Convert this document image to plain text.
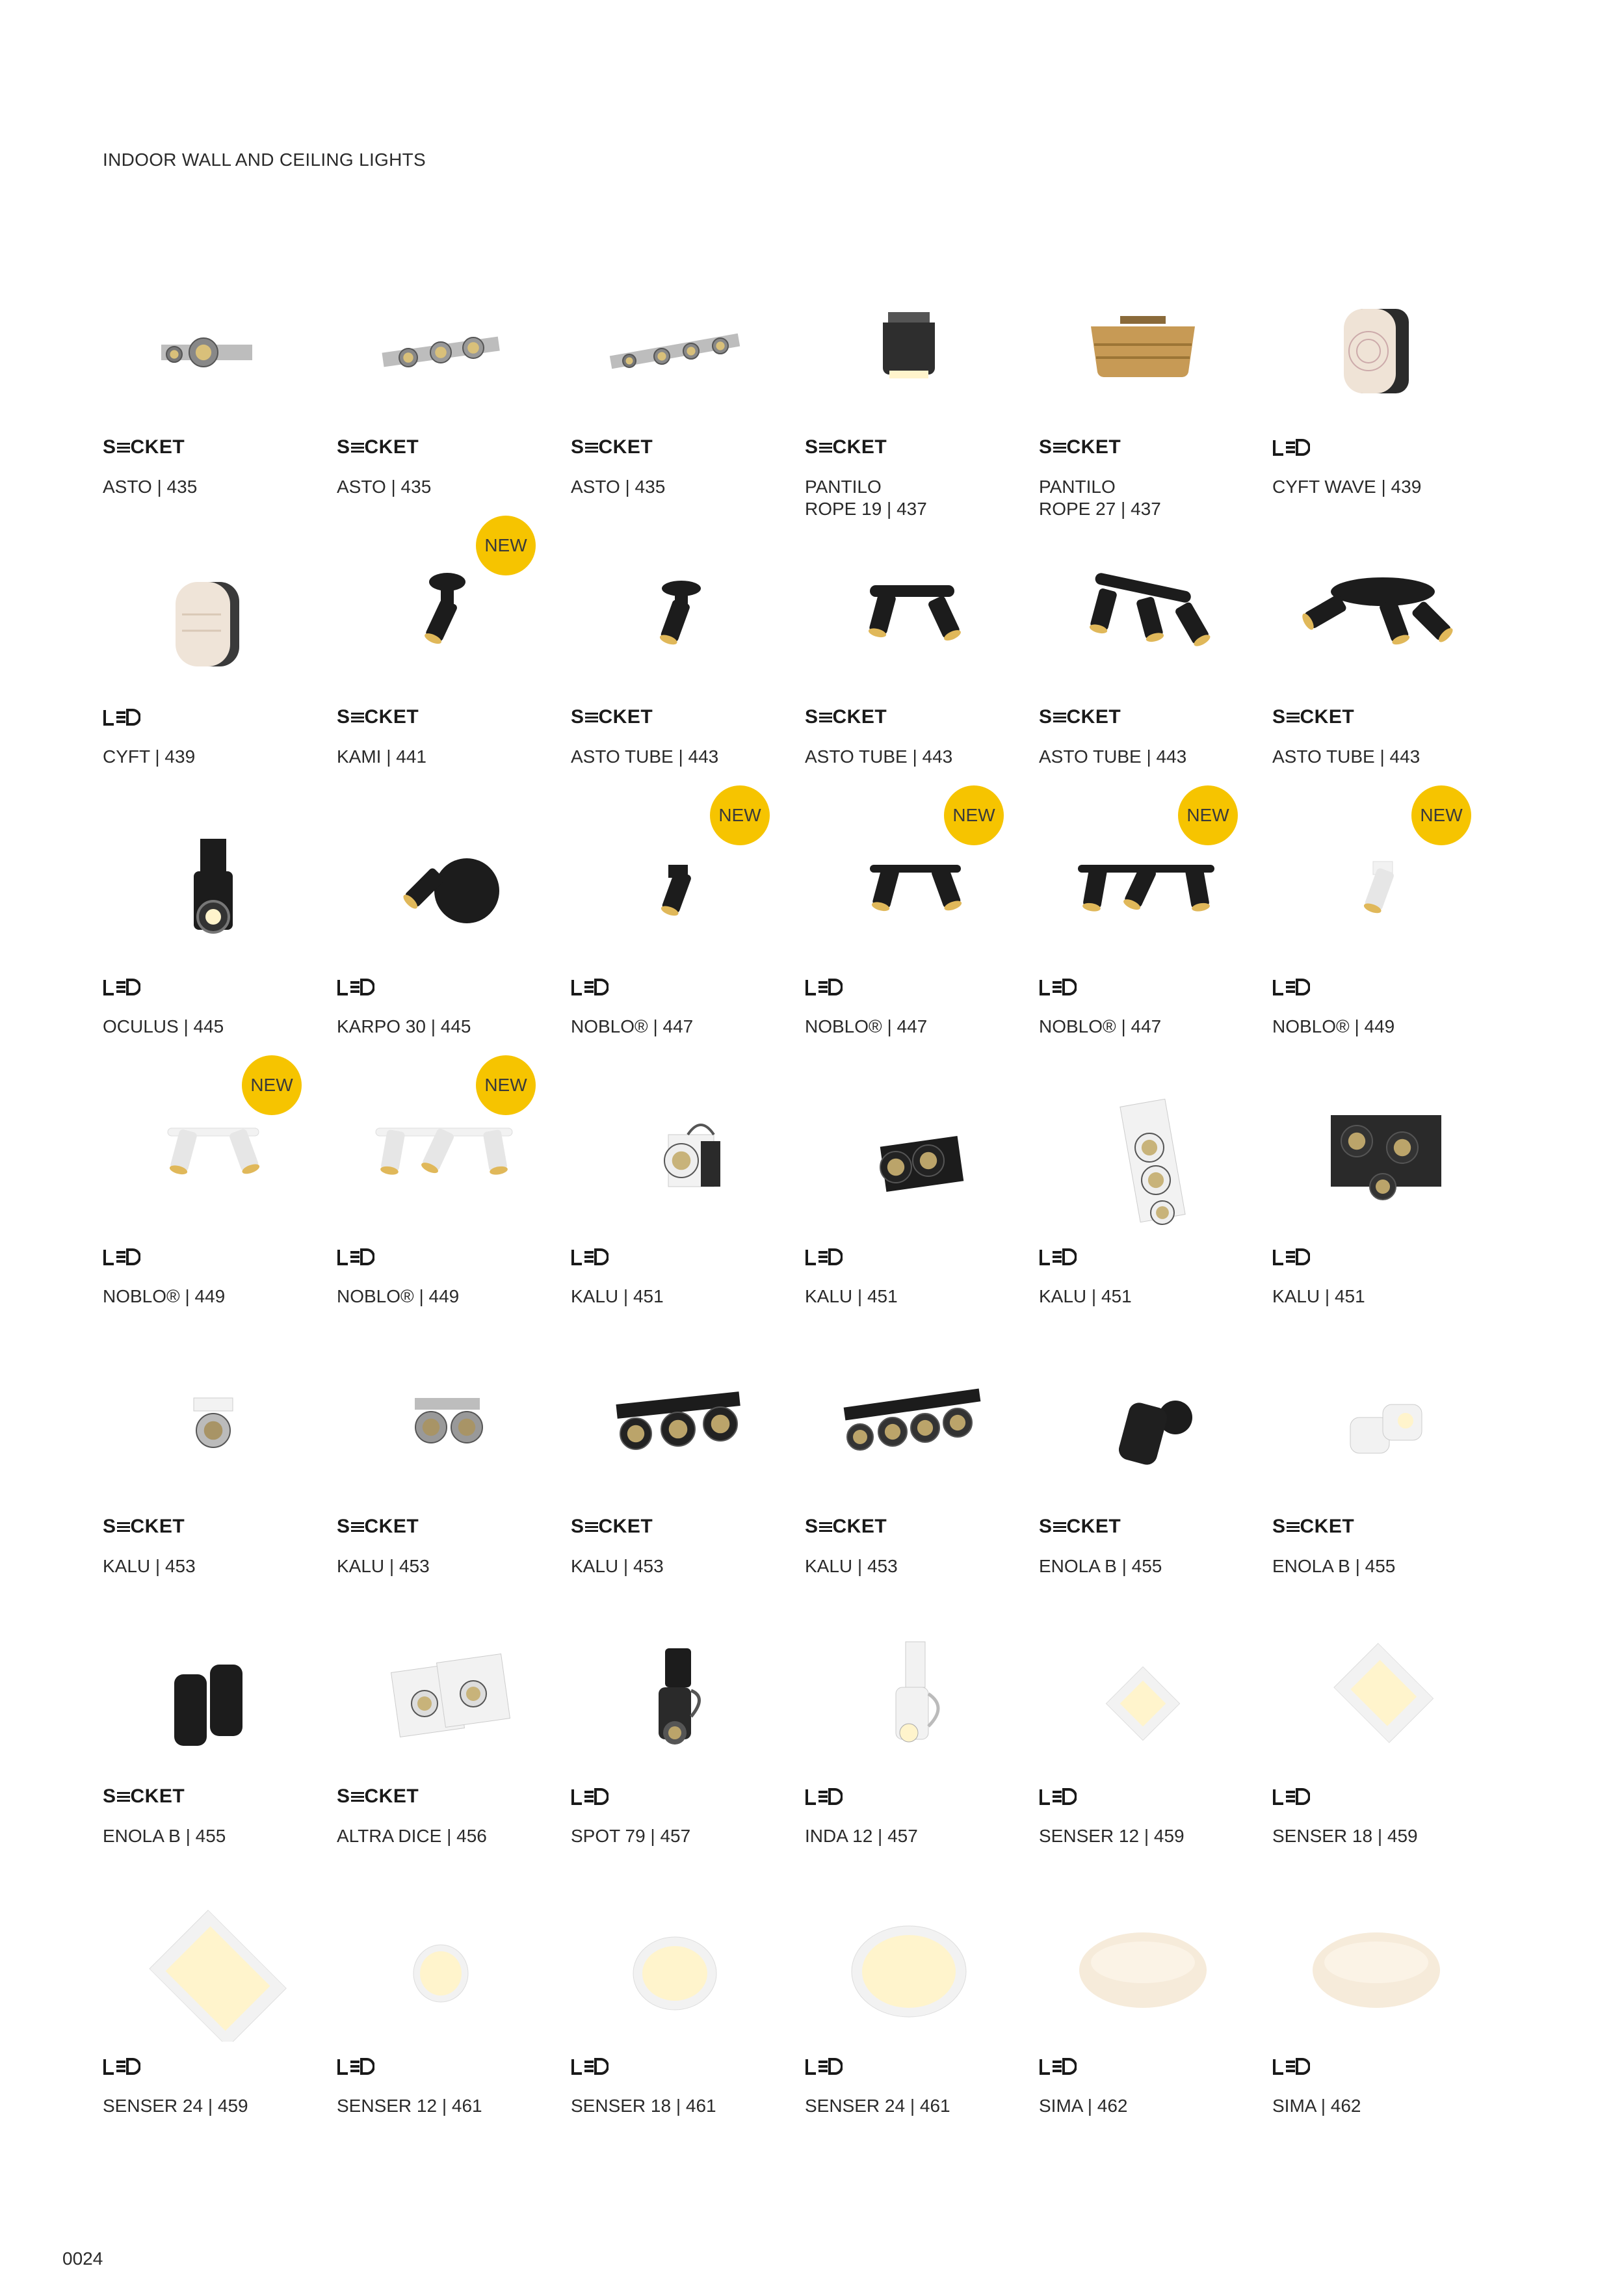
INDOOR WALL AND CEILING LIGHTS
S CKET
ASTO | 435
S CKET
ASTO | 435
S CKET
ASTO | 435
S CKET
PANTILO
ROPE 19 | 437
S CKET
PANTILO
ROPE 27 | 437
CYFT WAVE | 439
CYFT | 439
NEW
S CKET
KAMI | 441
S CKET
ASTO TUBE | 443
S CKET
ASTO TUBE | 443
S CKET
ASTO TUBE | 443
S CKET
ASTO TUBE | 443
OCULUS | 445	KARPO 30 | 445
NEW
NOBLO® | 447
NEW
NOBLO® | 447
NEW
NOBLO® | 447
NEW
NOBLO® | 449
NEW
NOBLO® | 449
NEW
NOBLO® | 449	KALU | 451	KALU | 451	KALU | 451	KALU | 451
S CKET
KALU | 453
S CKET
KALU | 453
S CKET
KALU | 453
S CKET
KALU | 453
S CKET
ENOLA B | 455
S CKET
ENOLA B | 455
S CKET
ENOLA B | 455
S CKET
ALTRA DICE | 456	SPOT 79 | 457	INDA 12 | 457	SENSER 12 | 459	SENSER 18 | 459
SENSER 24 | 459	SENSER 12 | 461	SENSER 18 | 461	SENSER 24 | 461	SIMA | 462	SIMA | 462
0024
